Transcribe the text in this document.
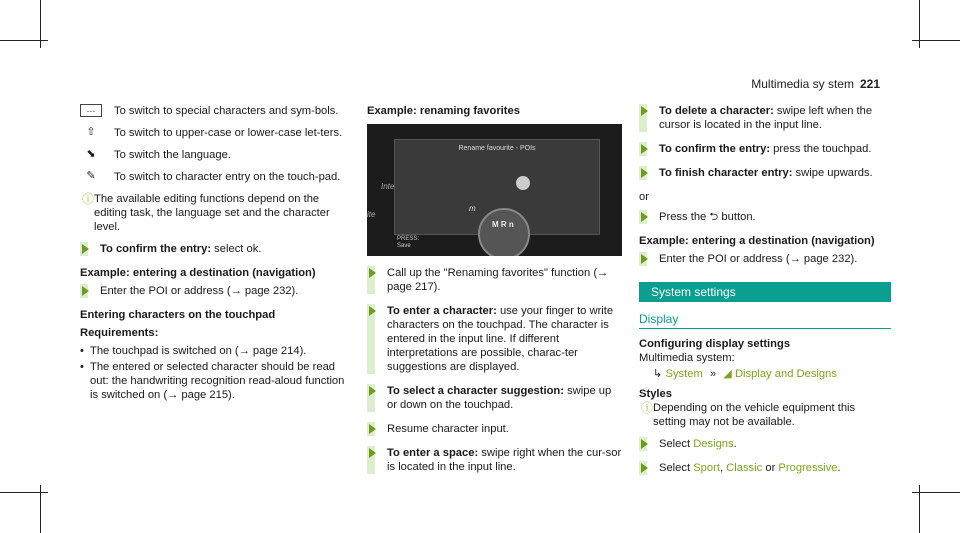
Multimedia sy stem 221
⋯	To switch to special characters and sym-bols.
⇧	To switch to upper-case or lower-case let-ters.
⬊	To switch the language.
✎	To switch to character entry on the touch-pad.
ⓘ The available editing functions depend on the editing task, the language set and the character level.
To confirm the entry: select ok.
Example: entering a destination (navigation)
Enter the POI or address (→ page 232).
Entering characters on the touchpad
Requirements:
• The touchpad is switched on (→ page 214).
• The entered or selected character should be read out: the handwriting recognition read-aloud function is switched on (→ page 215).
Example: renaming favorites
Inte
ite
Rename favourite - POIs
m
M R n
PRESS:
Save
Call up the "Renaming favorites" function (→ page 217).
To enter a character: use your finger to write characters on the touchpad. The character is entered in the input line. If different interpretations are possible, charac-ter suggestions are displayed.
To select a character suggestion: swipe up or down on the touchpad.
Resume character input.
To enter a space: swipe right when the cur-sor is located in the input line.
To delete a character: swipe left when the cursor is located in the input line.
To confirm the entry: press the touchpad.
To finish character entry: swipe upwards.
or
Press the ⮌ button.
Example: entering a destination (navigation)
Enter the POI or address (→ page 232).
System settings
Display
Configuring display settings
Multimedia system:
↳ System » ◢ Display and Designs
Styles
ⓘ Depending on the vehicle equipment this setting may not be available.
Select Designs.
Select Sport, Classic or Progressive.
